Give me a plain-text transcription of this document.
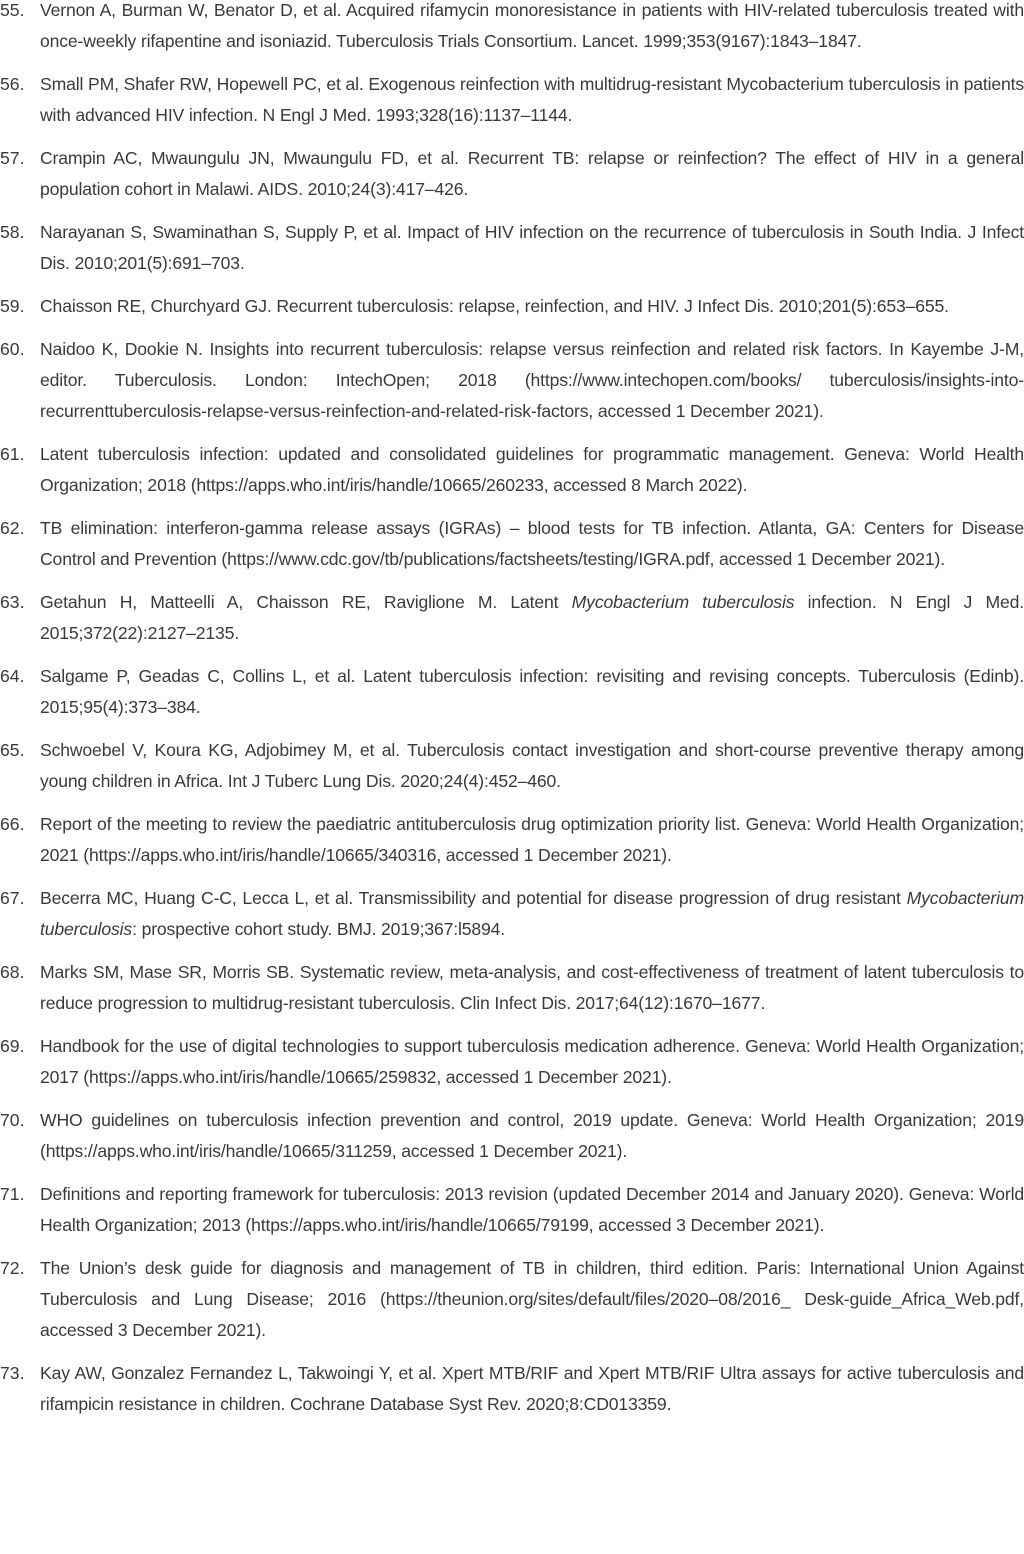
55. Vernon A, Burman W, Benator D, et al. Acquired rifamycin monoresistance in patients with HIV-related tuberculosis treated with once-weekly rifapentine and isoniazid. Tuberculosis Trials Consortium. Lancet. 1999;353(9167):1843–1847.
56. Small PM, Shafer RW, Hopewell PC, et al. Exogenous reinfection with multidrug-resistant Mycobacterium tuberculosis in patients with advanced HIV infection. N Engl J Med. 1993;328(16):1137–1144.
57. Crampin AC, Mwaungulu JN, Mwaungulu FD, et al. Recurrent TB: relapse or reinfection? The effect of HIV in a general population cohort in Malawi. AIDS. 2010;24(3):417–426.
58. Narayanan S, Swaminathan S, Supply P, et al. Impact of HIV infection on the recurrence of tuberculosis in South India. J Infect Dis. 2010;201(5):691–703.
59. Chaisson RE, Churchyard GJ. Recurrent tuberculosis: relapse, reinfection, and HIV. J Infect Dis. 2010;201(5):653–655.
60. Naidoo K, Dookie N. Insights into recurrent tuberculosis: relapse versus reinfection and related risk factors. In Kayembe J-M, editor. Tuberculosis. London: IntechOpen; 2018 (https://www.intechopen.com/books/ tuberculosis/insights-into-recurrenttuberculosis-relapse-versus-reinfection-and-related-risk-factors, accessed 1 December 2021).
61. Latent tuberculosis infection: updated and consolidated guidelines for programmatic management. Geneva: World Health Organization; 2018 (https://apps.who.int/iris/handle/10665/260233, accessed 8 March 2022).
62. TB elimination: interferon-gamma release assays (IGRAs) – blood tests for TB infection. Atlanta, GA: Centers for Disease Control and Prevention (https://www.cdc.gov/tb/publications/factsheets/testing/IGRA.pdf, accessed 1 December 2021).
63. Getahun H, Matteelli A, Chaisson RE, Raviglione M. Latent Mycobacterium tuberculosis infection. N Engl J Med. 2015;372(22):2127–2135.
64. Salgame P, Geadas C, Collins L, et al. Latent tuberculosis infection: revisiting and revising concepts. Tuberculosis (Edinb). 2015;95(4):373–384.
65. Schwoebel V, Koura KG, Adjobimey M, et al. Tuberculosis contact investigation and short-course preventive therapy among young children in Africa. Int J Tuberc Lung Dis. 2020;24(4):452–460.
66. Report of the meeting to review the paediatric antituberculosis drug optimization priority list. Geneva: World Health Organization; 2021 (https://apps.who.int/iris/handle/10665/340316, accessed 1 December 2021).
67. Becerra MC, Huang C-C, Lecca L, et al. Transmissibility and potential for disease progression of drug resistant Mycobacterium tuberculosis: prospective cohort study. BMJ. 2019;367:l5894.
68. Marks SM, Mase SR, Morris SB. Systematic review, meta-analysis, and cost-effectiveness of treatment of latent tuberculosis to reduce progression to multidrug-resistant tuberculosis. Clin Infect Dis. 2017;64(12):1670–1677.
69. Handbook for the use of digital technologies to support tuberculosis medication adherence. Geneva: World Health Organization; 2017 (https://apps.who.int/iris/handle/10665/259832, accessed 1 December 2021).
70. WHO guidelines on tuberculosis infection prevention and control, 2019 update. Geneva: World Health Organization; 2019 (https://apps.who.int/iris/handle/10665/311259, accessed 1 December 2021).
71. Definitions and reporting framework for tuberculosis: 2013 revision (updated December 2014 and January 2020). Geneva: World Health Organization; 2013 (https://apps.who.int/iris/handle/10665/79199, accessed 3 December 2021).
72. The Union’s desk guide for diagnosis and management of TB in children, third edition. Paris: International Union Against Tuberculosis and Lung Disease; 2016 (https://theunion.org/sites/default/files/2020–08/2016_ Desk-guide_Africa_Web.pdf, accessed 3 December 2021).
73. Kay AW, Gonzalez Fernandez L, Takwoingi Y, et al. Xpert MTB/RIF and Xpert MTB/RIF Ultra assays for active tuberculosis and rifampicin resistance in children. Cochrane Database Syst Rev. 2020;8:CD013359.
